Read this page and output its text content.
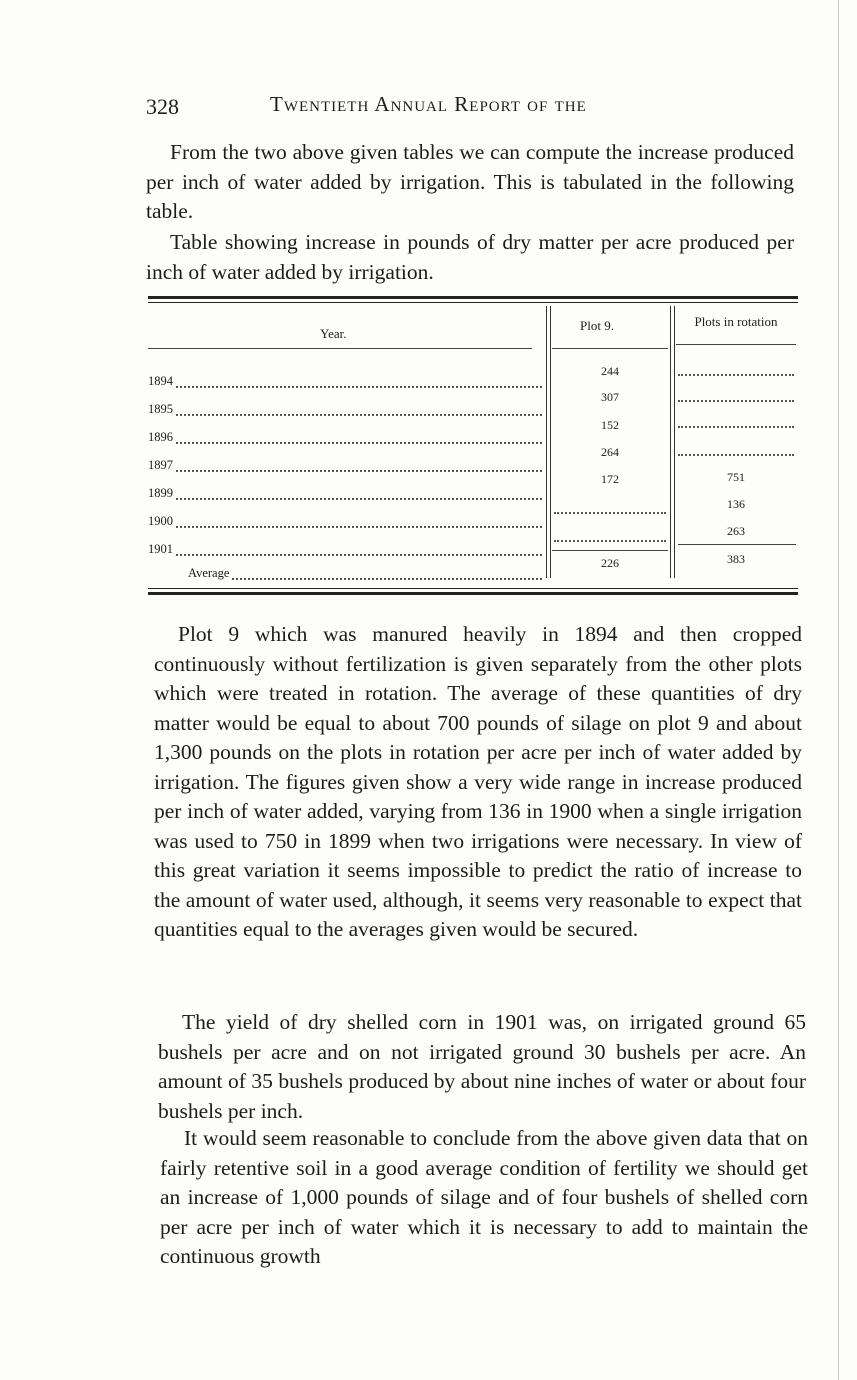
328	Twentieth Annual Report of the

From the two above given tables we can compute the increase produced per inch of water added by irrigation. This is tabulated in the following table.

Table showing increase in pounds of dry matter per acre produced per inch of water added by irrigation.

Year.
Plot 9.	Plots in rotation
1894
1895
1896
1897
1899
1900
1901
Average
244
307
152
264
172
226
751
136
263
383

Plot 9 which was manured heavily in 1894 and then cropped continuously without fertilization is given separately from the other plots which were treated in rotation. The average of these quantities of dry matter would be equal to about 700 pounds of silage on plot 9 and about 1,300 pounds on the plots in rotation per acre per inch of water added by irrigation. The figures given show a very wide range in increase produced per inch of water added, varying from 136 in 1900 when a single irrigation was used to 750 in 1899 when two irrigations were necessary. In view of this great variation it seems impossible to predict the ratio of increase to the amount of water used, although, it seems very reasonable to expect that quantities equal to the averages given would be secured.

The yield of dry shelled corn in 1901 was, on irrigated ground 65 bushels per acre and on not irrigated ground 30 bushels per acre. An amount of 35 bushels produced by about nine inches of water or about four bushels per inch.

It would seem reasonable to conclude from the above given data that on fairly retentive soil in a good average condition of fertility we should get an increase of 1,000 pounds of silage and of four bushels of shelled corn per acre per inch of water which it is necessary to add to maintain the continuous growth
